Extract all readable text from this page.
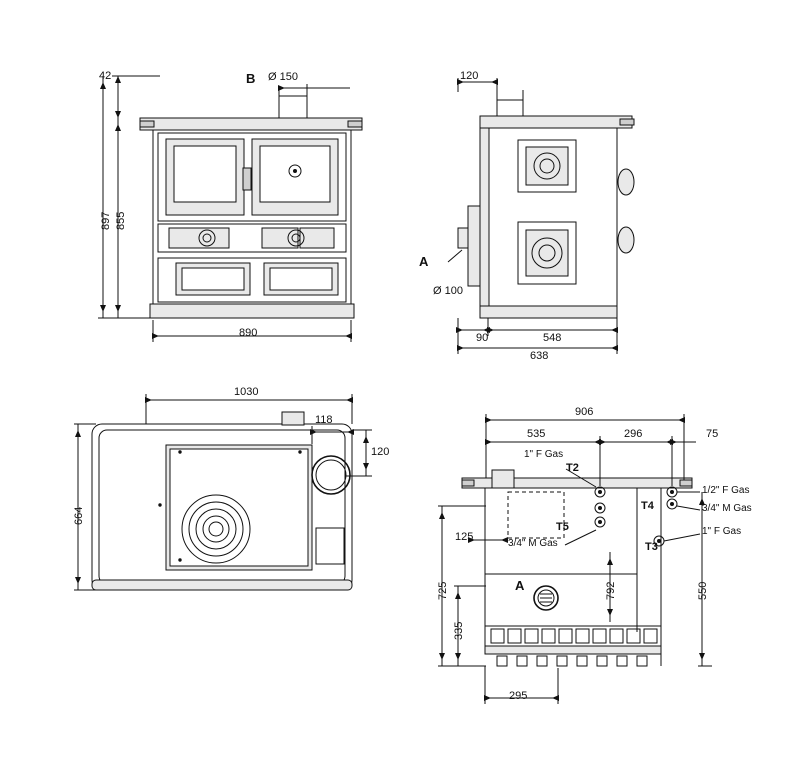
42
897 855
890
B Ø 150	120
90	548
638
A
Ø 100
1030
664
118
120
906
535	296	75
725	792	550
335
125
295
A
T2
T3
T4
T5
1" F Gas
1/2" F Gas
3/4" M Gas
1" F Gas
3/4" M Gas
